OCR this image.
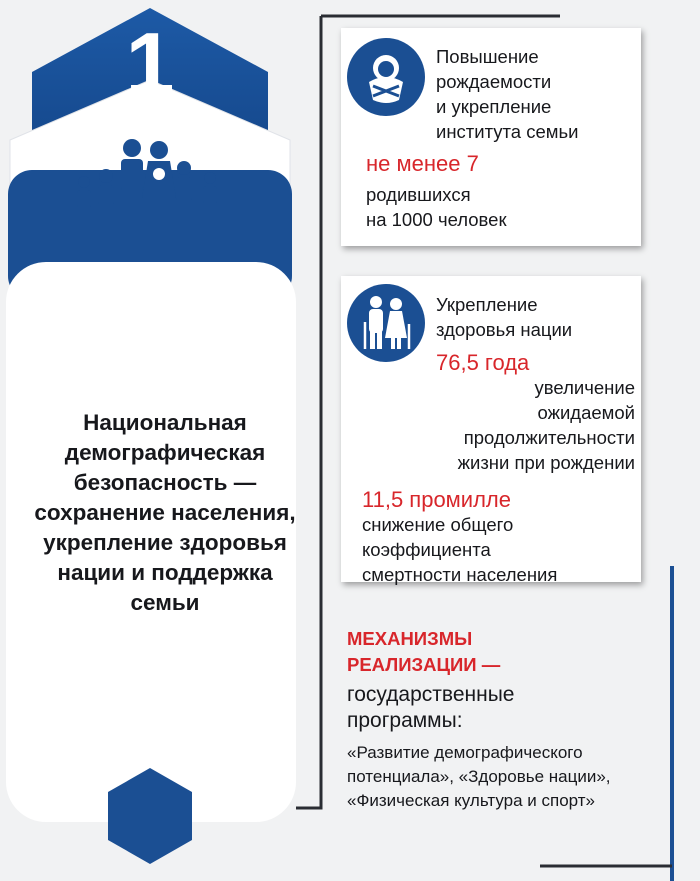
1
Национальная демографическая безопасность — сохранение населения, укрепление здоровья нации и поддержка семьи
Повышение
рождаемости
и укрепление
института семьи
не менее 7
родившихся
на 1000 человек
Укрепление
здоровья нации
76,5 года
увеличение
ожидаемой
продолжительности
жизни при рождении
11,5 промилле
снижение общего
коэффициента
смертности населения
МЕХАНИЗМЫ
РЕАЛИЗАЦИИ —
государственные
программы:
«Развитие демографического потенциала», «Здоровье нации», «Физическая культура и спорт»
